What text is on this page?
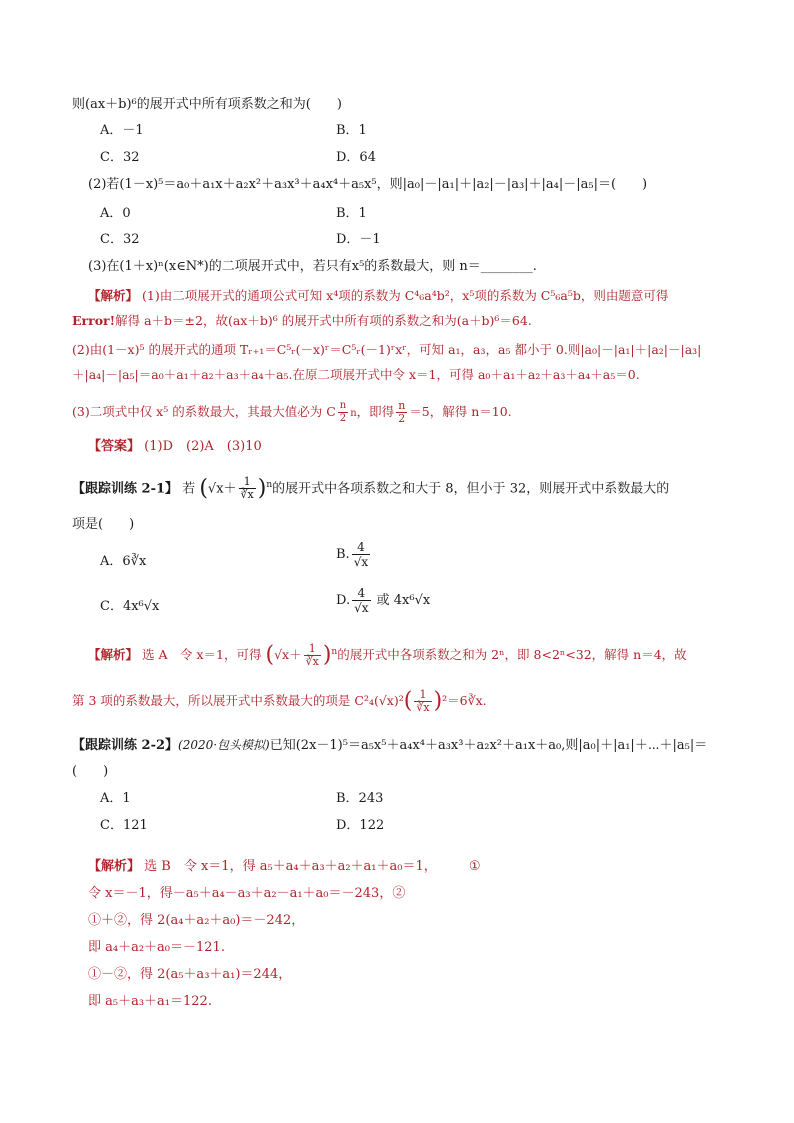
则(ax＋b)⁶的展开式中所有项系数之和为(　　)
A．－1	B．1
C．32	D．64
(2)若(1－x)⁵＝a₀＋a₁x＋a₂x²＋a₃x³＋a₄x⁴＋a₅x⁵，则|a₀|－|a₁|＋|a₂|－|a₃|＋|a₄|－|a₅|＝(　　)
A．0	B．1
C．32	D．－1
(3)在(1＋x)ⁿ(x∈N*)的二项展开式中，若只有x⁵的系数最大，则 n＝________.
【解析】 (1)由二项展开式的通项公式可知 x⁴项的系数为 C⁴₆a⁴b²，x⁵项的系数为 C⁵₆a⁵b，则由题意可得
Error!解得 a＋b＝±2，故(ax＋b)⁶ 的展开式中所有项的系数之和为(a＋b)⁶＝64.
(2)由(1－x)⁵ 的展开式的通项 Tᵣ₊₁＝C⁵ᵣ(－x)ʳ＝C⁵ᵣ(－1)ʳxʳ，可知 a₁，a₃，a₅ 都小于 0.则|a₀|－|a₁|＋|a₂|－|a₃|
＋|a₄|－|a₅|＝a₀＋a₁＋a₂＋a₃＋a₄＋a₅.在原二项展开式中令 x＝1，可得 a₀＋a₁＋a₂＋a₃＋a₄＋a₅＝0.
(3)二项式中仅 x⁵ 的系数最大，其最大值必为 C $\frac{n}{2}$ n，即得 $\frac{n}{2} =5$，解得 n＝10.
【答案】 (1)D　(2)A　(3)10
【跟踪训练 2-1】 若 $(√x+ \frac{1}{∛x} )^n$的展开式中各项系数之和大于 8，但小于 32，则展开式中系数最大的
项是(　　)
A．6∛x	B. $\frac{4}{√x}$
C．4x⁶√x	D. $\frac{4}{√x}$ 或 4x⁶√x
【解析】 选 A　令 x＝1，可得 $(√x+ \frac{1}{∛x} )^n$的展开式中各项系数之和为 2ⁿ，即 8<2ⁿ<32，解得 n＝4，故
第 3 项的系数最大，所以展开式中系数最大的项是 $C^2_4(√x)^2( \frac{1}{∛x}$ )²＝6∛x.
【跟踪训练 2-2】(2020·包头模拟)已知(2x－1)⁵＝a₅x⁵＋a₄x⁴＋a₃x³＋a₂x²＋a₁x＋a₀,则|a₀|＋|a₁|＋⋯＋|a₅|＝
(　　)
A．1	B．243
C．121	D．122
【解析】 选 B　令 x＝1，得 a₅＋a₄＋a₃＋a₂＋a₁＋a₀＝1， ①
令 x＝－1，得－a₅＋a₄－a₃＋a₂－a₁＋a₀＝－243，②
①＋②，得 2(a₄＋a₂＋a₀)＝－242，
即 a₄＋a₂＋a₀＝－121.
①－②，得 2(a₅＋a₃＋a₁)＝244，
即 a₅＋a₃＋a₁＝122.
